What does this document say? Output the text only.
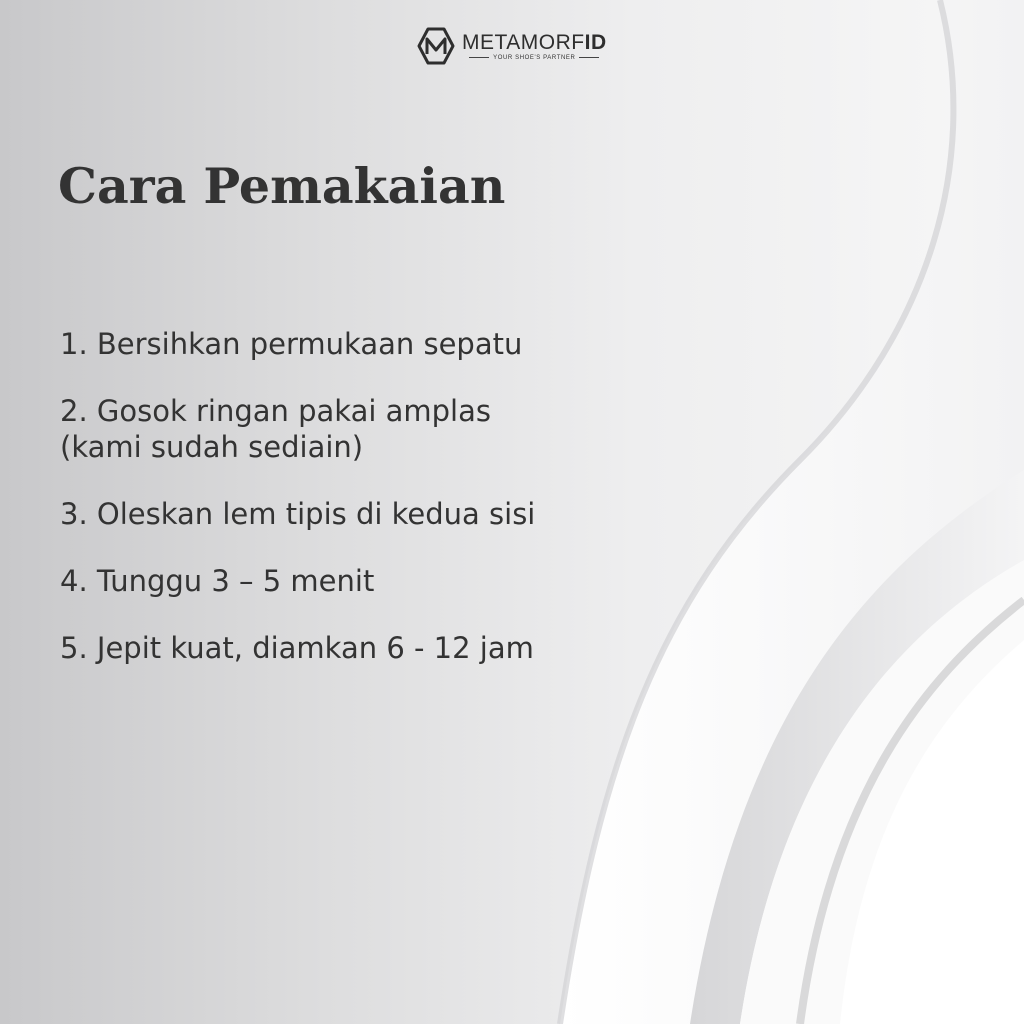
METAMORFID
YOUR SHOE'S PARTNER
Cara Pemakaian
1. Bersihkan permukaan sepatu
2. Gosok ringan pakai amplas
(kami sudah sediain)
3. Oleskan lem tipis di kedua sisi
4. Tunggu 3 – 5 menit
5. Jepit kuat, diamkan 6 - 12 jam
